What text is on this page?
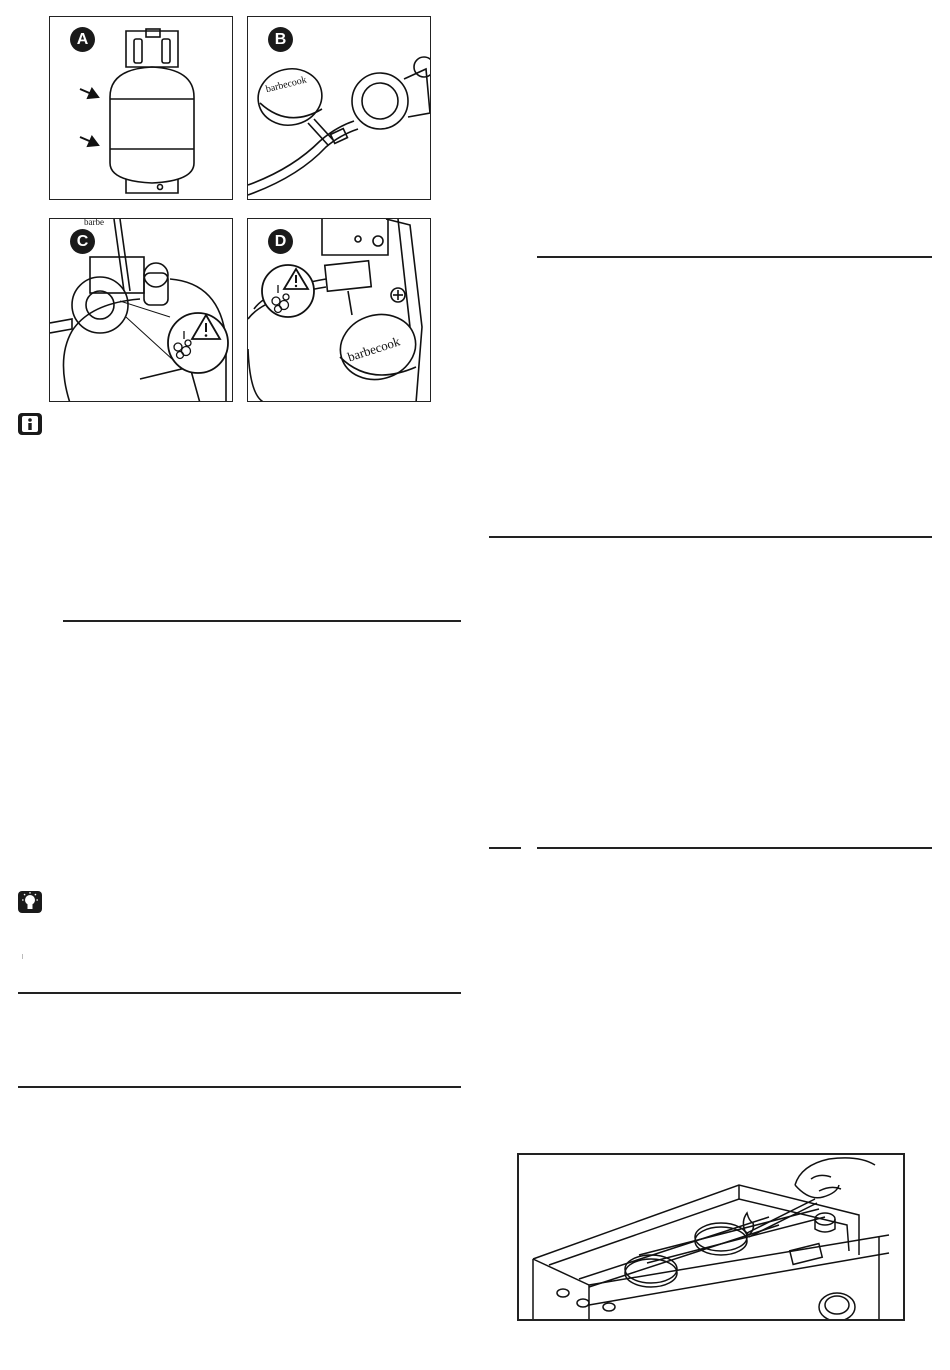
A	B
barbecook
C
barbe
D
barbecook
